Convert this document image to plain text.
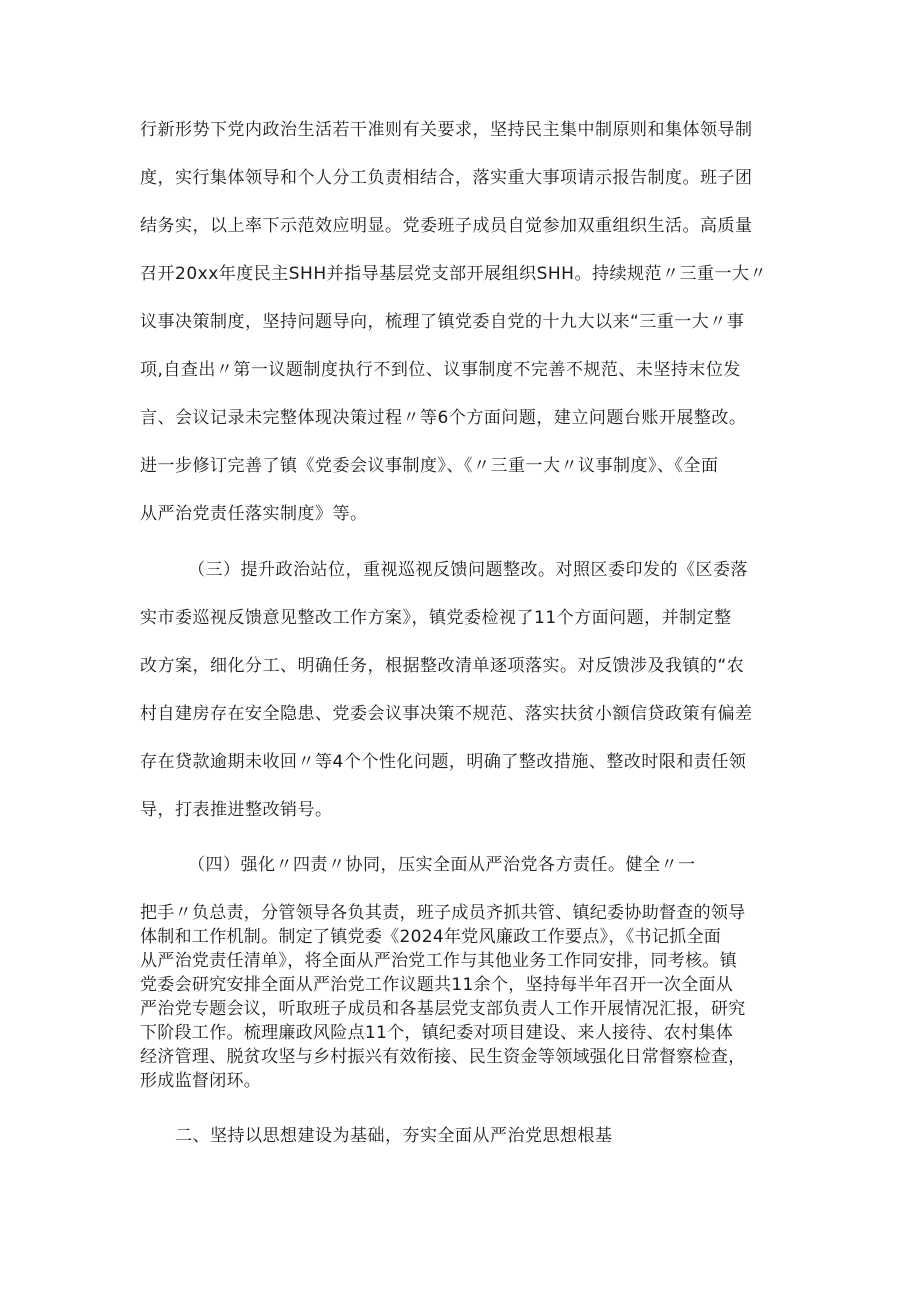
行新形势下党内政治生活若干准则有关要求，坚持民主集中制原则和集体领导制
度，实行集体领导和个人分工负责相结合，落实重大事项请示报告制度。班子团
结务实，以上率下示范效应明显。党委班子成员自觉参加双重组织生活。高质量
召开20xx年度民主SHH并指导基层党支部开展组织SHH。持续规范〃三重一大〃
议事决策制度，坚持问题导向，梳理了镇党委自党的十九大以来“三重一大〃事
项,自查出〃第一议题制度执行不到位、议事制度不完善不规范、未坚持末位发
言、会议记录未完整体现决策过程〃等6个方面问题，建立问题台账开展整改。
进一步修订完善了镇《党委会议事制度》、《〃三重一大〃议事制度》、《全面
从严治党责任落实制度》等。
（三）提升政治站位，重视巡视反馈问题整改。对照区委印发的《区委落
实市委巡视反馈意见整改工作方案》，镇党委检视了11个方面问题，并制定整
改方案，细化分工、明确任务，根据整改清单逐项落实。对反馈涉及我镇的“农
村自建房存在安全隐患、党委会议事决策不规范、落实扶贫小额信贷政策有偏差
存在贷款逾期未收回〃等4个个性化问题，明确了整改措施、整改时限和责任领
导，打表推进整改销号。
（四）强化〃四责〃协同，压实全面从严治党各方责任。健全〃一
把手〃负总责，分管领导各负其责，班子成员齐抓共管、镇纪委协助督查的领导
体制和工作机制。制定了镇党委《2024年党风廉政工作要点》，《书记抓全面
从严治党责任清单》，将全面从严治党工作与其他业务工作同安排，同考核。镇
党委会研究安排全面从严治党工作议题共11余个，坚持每半年召开一次全面从
严治党专题会议，听取班子成员和各基层党支部负责人工作开展情况汇报，研究
下阶段工作。梳理廉政风险点11个，镇纪委对项目建设、来人接待、农村集体
经济管理、脱贫攻坚与乡村振兴有效衔接、民生资金等领域强化日常督察检查，
形成监督闭环。
二、坚持以思想建设为基础，夯实全面从严治党思想根基
